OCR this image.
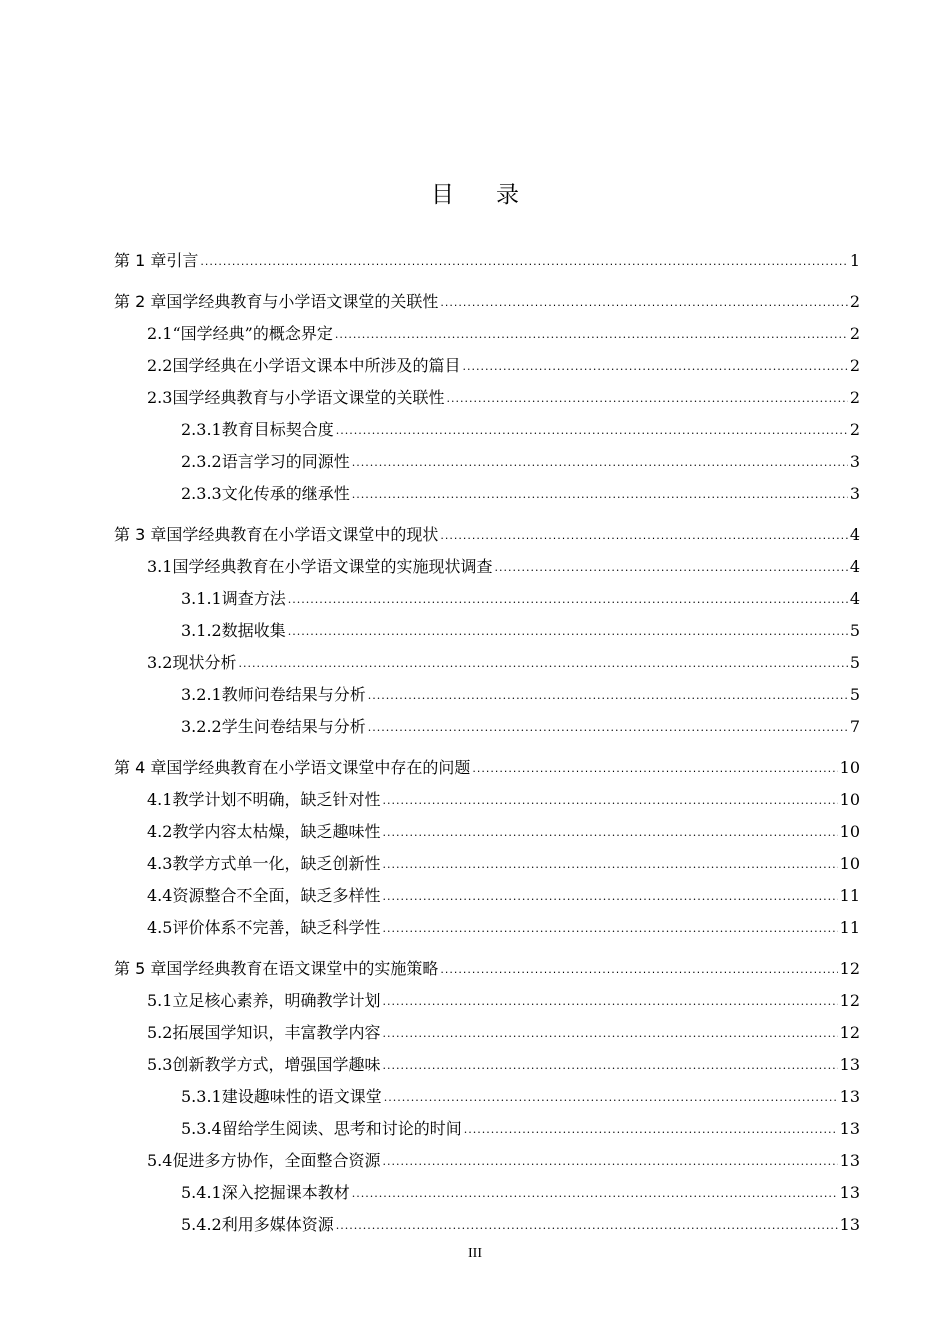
目 录
第 1 章 引言 .....	1
第 2 章 国学经典教育与小学语文课堂的关联性 .....	2
2.1 “国学经典”的概念界定 .....	2
2.2 国学经典在小学语文课本中所涉及的篇目 .....	2
2.3 国学经典教育与小学语文课堂的关联性 .....	2
2.3.1 教育目标契合度 .....	2
2.3.2 语言学习的同源性 .....	3
2.3.3 文化传承的继承性 .....	3
第 3 章 国学经典教育在小学语文课堂中的现状 .....	4
3.1 国学经典教育在小学语文课堂的实施现状调查 .....	4
3.1.1 调查方法 .....	4
3.1.2 数据收集 .....	5
3.2 现状分析 .....	5
3.2.1 教师问卷结果与分析 .....	5
3.2.2 学生问卷结果与分析 .....	7
第 4 章 国学经典教育在小学语文课堂中存在的问题 .....	10
4.1 教学计划不明确，缺乏针对性 .....	10
4.2 教学内容太枯燥，缺乏趣味性 .....	10
4.3 教学方式单一化，缺乏创新性 .....	10
4.4 资源整合不全面，缺乏多样性 .....	11
4.5 评价体系不完善，缺乏科学性 .....	11
第 5 章 国学经典教育在语文课堂中的实施策略 .....	12
5.1 立足核心素养，明确教学计划 .....	12
5.2 拓展国学知识，丰富教学内容 .....	12
5.3 创新教学方式，增强国学趣味 .....	13
5.3.1 建设趣味性的语文课堂 .....	13
5.3.4 留给学生阅读、思考和讨论的时间 .....	13
5.4 促进多方协作，全面整合资源 .....	13
5.4.1 深入挖掘课本教材 .....	13
5.4.2 利用多媒体资源 .....	13
III
